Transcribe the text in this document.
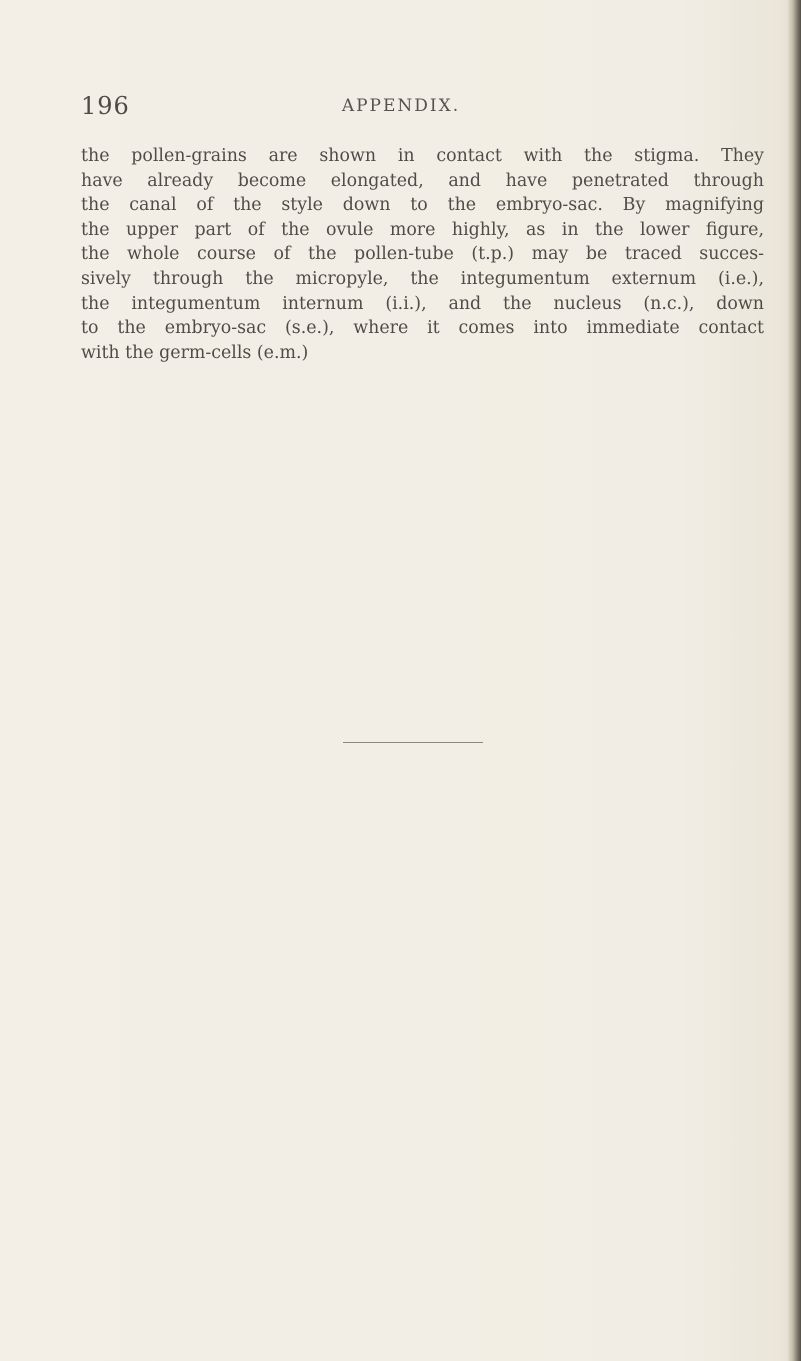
196	APPENDIX.
the pollen-grains are shown in contact with the stigma. They
have already become elongated, and have penetrated through
the canal of the style down to the embryo-sac. By magnifying
the upper part of the ovule more highly, as in the lower figure,
the whole course of the pollen-tube (t.p.) may be traced succes-
sively through the micropyle, the integumentum externum (i.e.),
the integumentum internum (i.i.), and the nucleus (n.c.), down
to the embryo-sac (s.e.), where it comes into immediate contact
with the germ-cells (e.m.)
